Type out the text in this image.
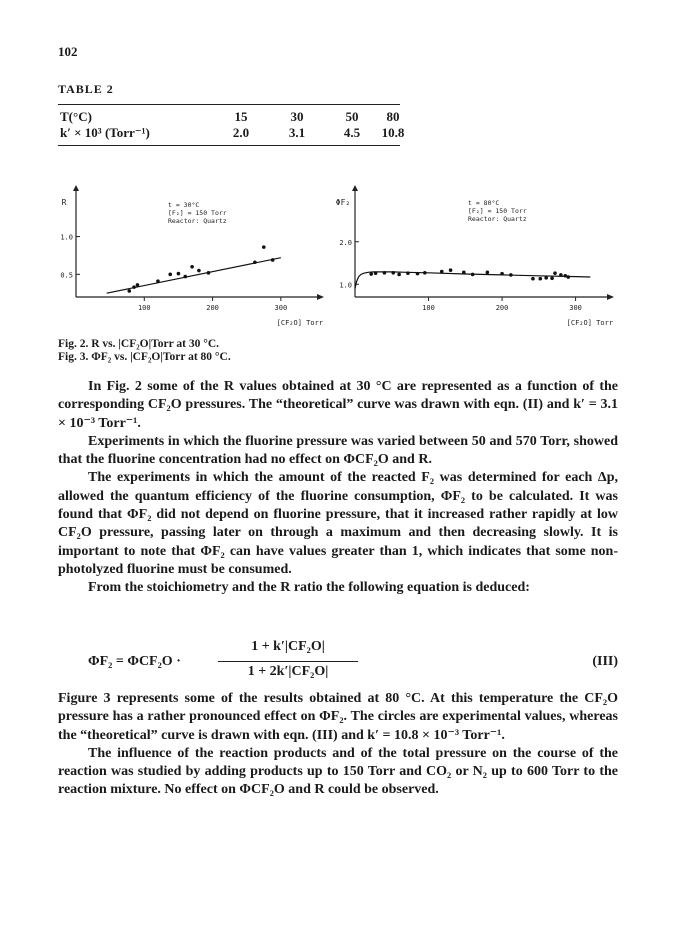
102
TABLE 2
T(°C)	15	30	50	80
k′ × 10³ (Torr⁻¹)	2.0	3.1	4.5	10.8
100	200	300
0.5
1.0
R
[CF₂O] Torr
t = 30°C
[F₂] = 150 Torr
Reactor: Quartz
100	200	300
1.0
2.0
ΦF₂
[CF₂O] Torr
t = 80°C
[F₂] = 150 Torr
Reactor: Quartz
Fig. 2. R vs. |CF₂O|Torr at 30 °C.
Fig. 3. ΦF₂ vs. |CF₂O|Torr at 80 °C.

In Fig. 2 some of the R values obtained at 30 °C are represented as a function of the corresponding CF₂O pressures. The “theoretical” curve was drawn with eqn. (II) and k′ = 3.1 × 10⁻³ Torr⁻¹.

Experiments in which the fluorine pressure was varied between 50 and 570 Torr, showed that the fluorine concentration had no effect on ΦCF₂O and R.

The experiments in which the amount of the reacted F₂ was determined for each Δp, allowed the quantum efficiency of the fluorine consumption, ΦF₂ to be calculated. It was found that ΦF₂ did not depend on fluorine pressure, that it increased rather rapidly at low CF₂O pressure, passing later on through a maximum and then decreasing slowly. It is important to note that ΦF₂ can have values greater than 1, which indicates that some non-photolyzed fluorine must be consumed.

From the stoichiometry and the R ratio the following equation is deduced:

ΦF₂ = ΦCF₂O ·
1 + k′|CF₂O|
1 + 2k′|CF₂O|
(III)

Figure 3 represents some of the results obtained at 80 °C. At this temperature the CF₂O pressure has a rather pronounced effect on ΦF₂. The circles are experimental values, whereas the “theoretical” curve is drawn with eqn. (III) and k′ = 10.8 × 10⁻³ Torr⁻¹.

The influence of the reaction products and of the total pressure on the course of the reaction was studied by adding products up to 150 Torr and CO₂ or N₂ up to 600 Torr to the reaction mixture. No effect on ΦCF₂O and R could be observed.
